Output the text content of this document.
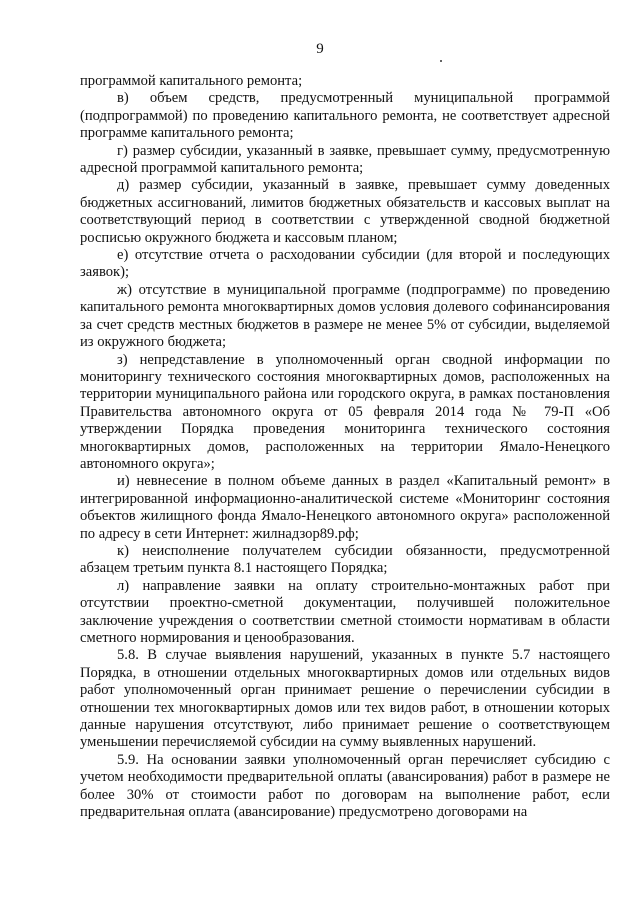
9

программой капитального ремонта;

в) объем средств, предусмотренный муниципальной программой (подпрограммой) по проведению капитального ремонта, не соответствует адресной программе капитального ремонта;

г) размер субсидии, указанный в заявке, превышает сумму, предусмотренную адресной программой капитального ремонта;

д) размер субсидии, указанный в заявке, превышает сумму доведенных бюджетных ассигнований, лимитов бюджетных обязательств и кассовых выплат на соответствующий период в соответствии с утвержденной сводной бюджетной росписью окружного бюджета и кассовым планом;

е) отсутствие отчета о расходовании субсидии (для второй и последующих заявок);

ж) отсутствие в муниципальной программе (подпрограмме) по проведению капитального ремонта многоквартирных домов условия долевого софинансирования за счет средств местных бюджетов в размере не менее 5% от субсидии, выделяемой из окружного бюджета;

з) непредставление в уполномоченный орган сводной информации по мониторингу технического состояния многоквартирных домов, расположенных на территории муниципального района или городского округа, в рамках постановления Правительства автономного округа от 05 февраля 2014 года № 79-П «Об утверждении Порядка проведения мониторинга технического состояния многоквартирных домов, расположенных на территории Ямало-Ненецкого автономного округа»;

и) невнесение в полном объеме данных в раздел «Капитальный ремонт» в интегрированной информационно-аналитической системе «Мониторинг состояния объектов жилищного фонда Ямало-Ненецкого автономного округа» расположенной по адресу в сети Интернет: жилнадзор89.рф;

к) неисполнение получателем субсидии обязанности, предусмотренной абзацем третьим пункта 8.1 настоящего Порядка;

л) направление заявки на оплату строительно-монтажных работ при отсутствии проектно-сметной документации, получившей положительное заключение учреждения о соответствии сметной стоимости нормативам в области сметного нормирования и ценообразования.

5.8. В случае выявления нарушений, указанных в пункте 5.7 настоящего Порядка, в отношении отдельных многоквартирных домов или отдельных видов работ уполномоченный орган принимает решение о перечислении субсидии в отношении тех многоквартирных домов или тех видов работ, в отношении которых данные нарушения отсутствуют, либо принимает решение о соответствующем уменьшении перечисляемой субсидии на сумму выявленных нарушений.

5.9. На основании заявки уполномоченный орган перечисляет субсидию с учетом необходимости предварительной оплаты (авансирования) работ в размере не более 30% от стоимости работ по договорам на выполнение работ, если предварительная оплата (авансирование) предусмотрено договорами на
